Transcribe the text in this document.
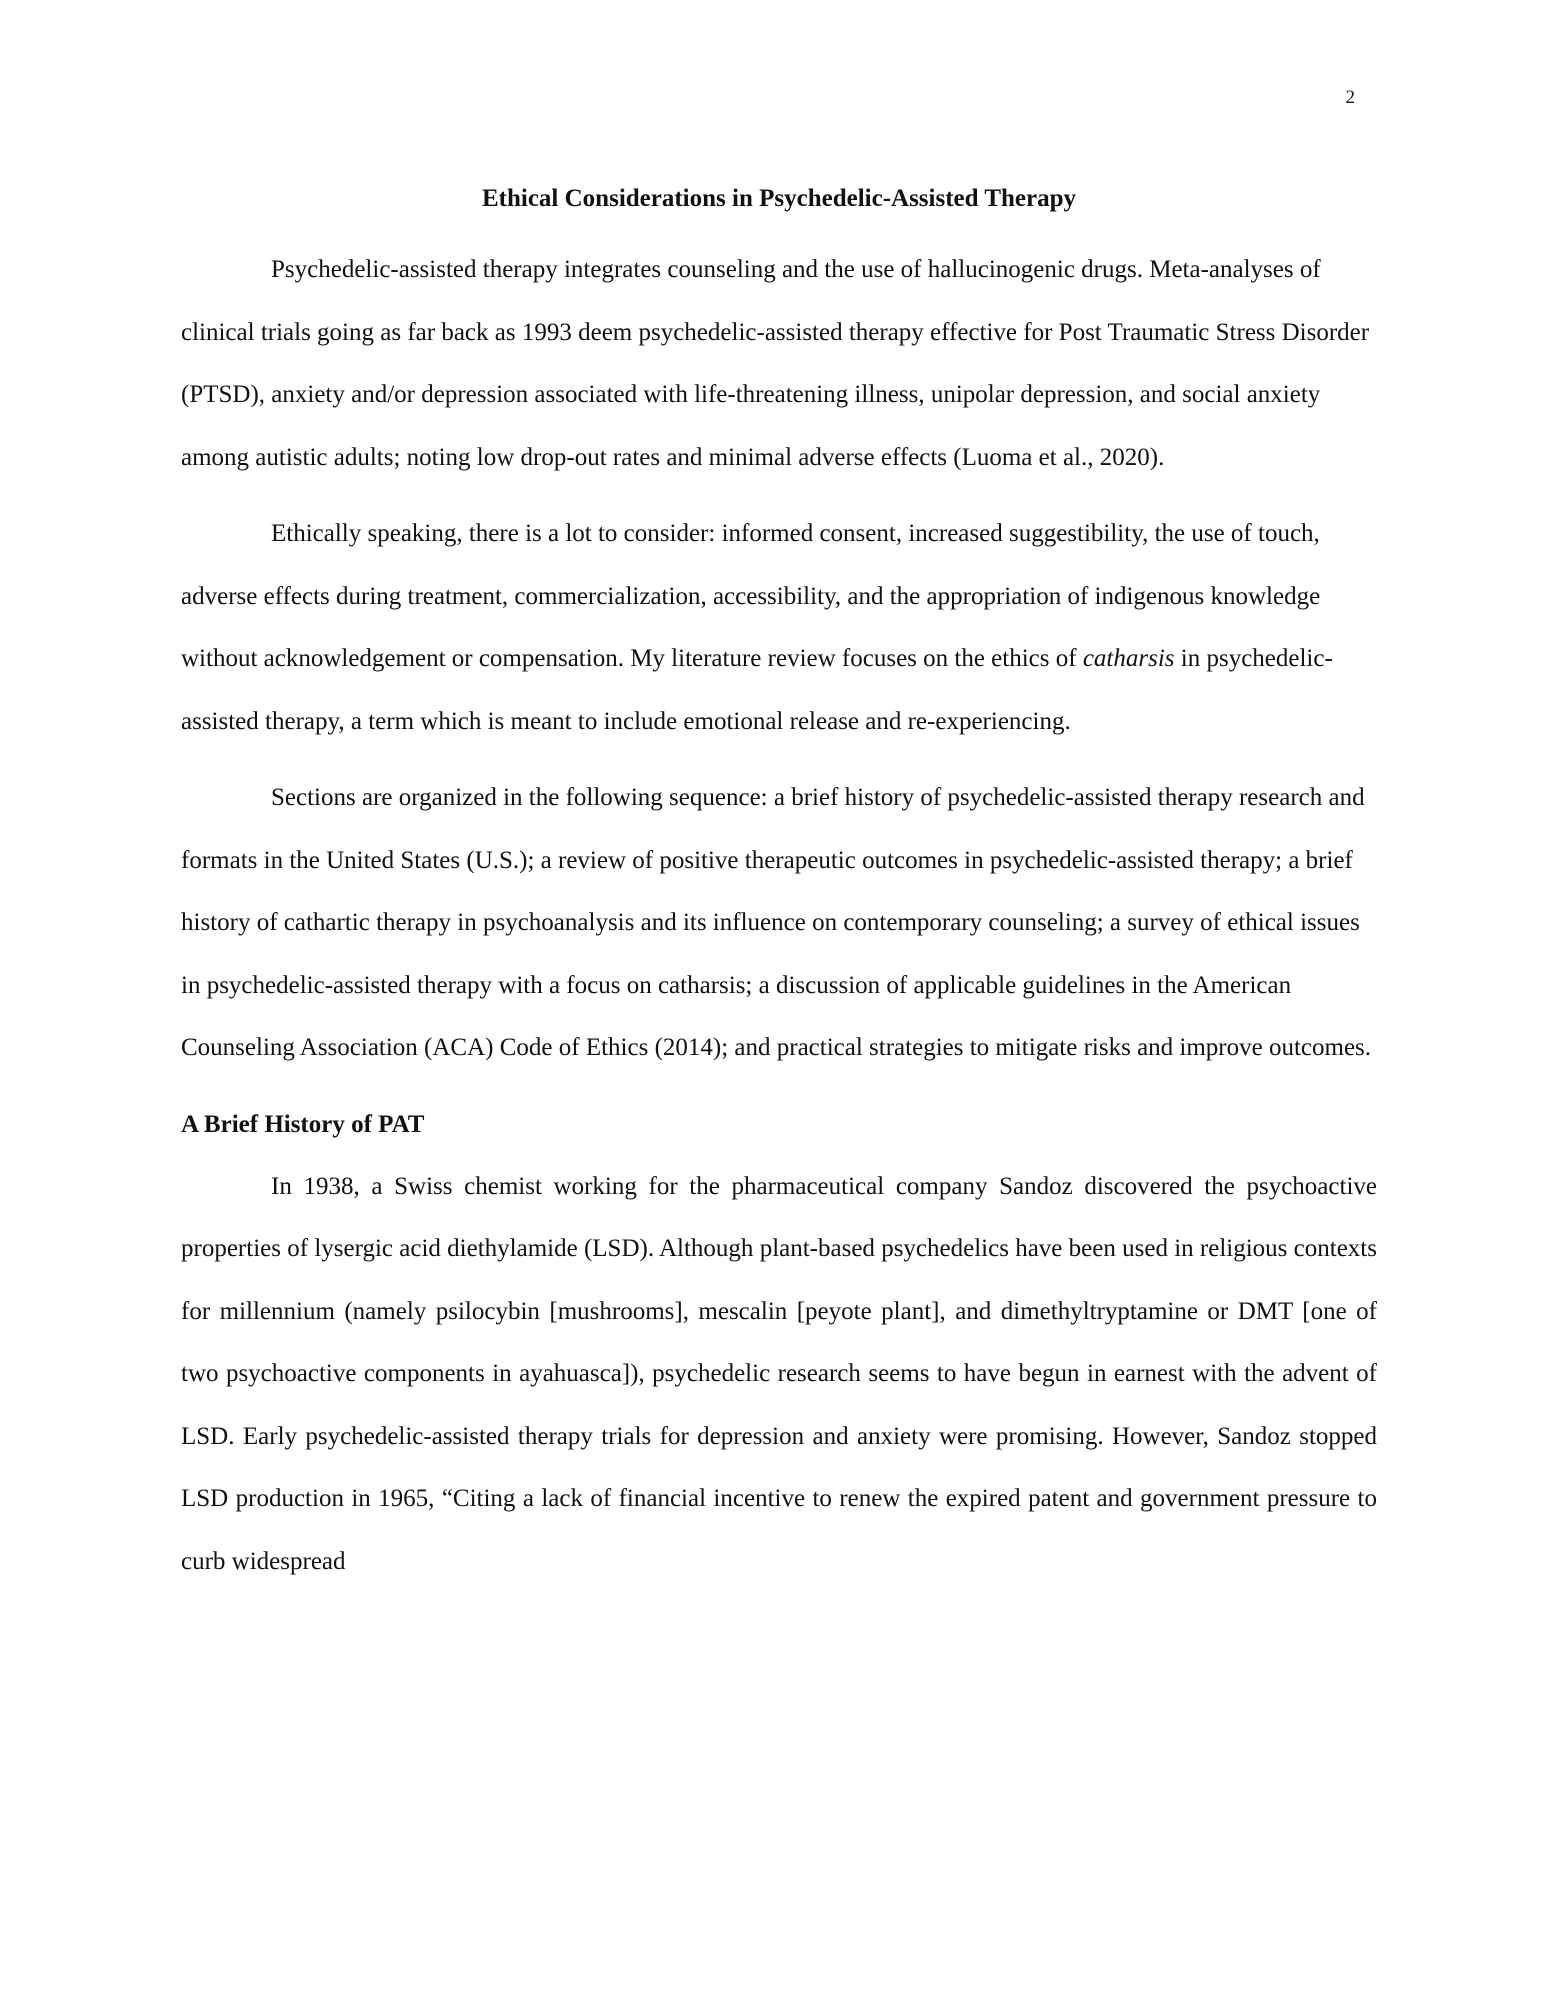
2
Ethical Considerations in Psychedelic-Assisted Therapy

Psychedelic-assisted therapy integrates counseling and the use of hallucinogenic drugs. Meta-analyses of clinical trials going as far back as 1993 deem psychedelic-assisted therapy effective for Post Traumatic Stress Disorder (PTSD), anxiety and/or depression associated with life-threatening illness, unipolar depression, and social anxiety among autistic adults; noting low drop-out rates and minimal adverse effects (Luoma et al., 2020).

Ethically speaking, there is a lot to consider: informed consent, increased suggestibility, the use of touch, adverse effects during treatment, commercialization, accessibility, and the appropriation of indigenous knowledge without acknowledgement or compensation. My literature review focuses on the ethics of catharsis in psychedelic-assisted therapy, a term which is meant to include emotional release and re-experiencing.

Sections are organized in the following sequence: a brief history of psychedelic-assisted therapy research and formats in the United States (U.S.); a review of positive therapeutic outcomes in psychedelic-assisted therapy; a brief history of cathartic therapy in psychoanalysis and its influence on contemporary counseling; a survey of ethical issues in psychedelic-assisted therapy with a focus on catharsis; a discussion of applicable guidelines in the American Counseling Association (ACA) Code of Ethics (2014); and practical strategies to mitigate risks and improve outcomes.

A Brief History of PAT

In 1938, a Swiss chemist working for the pharmaceutical company Sandoz discovered the psychoactive properties of lysergic acid diethylamide (LSD). Although plant-based psychedelics have been used in religious contexts for millennium (namely psilocybin [mushrooms], mescalin [peyote plant], and dimethyltryptamine or DMT [one of two psychoactive components in ayahuasca]), psychedelic research seems to have begun in earnest with the advent of LSD. Early psychedelic-assisted therapy trials for depression and anxiety were promising. However, Sandoz stopped LSD production in 1965, “Citing a lack of financial incentive to renew the expired patent and government pressure to curb widespread
